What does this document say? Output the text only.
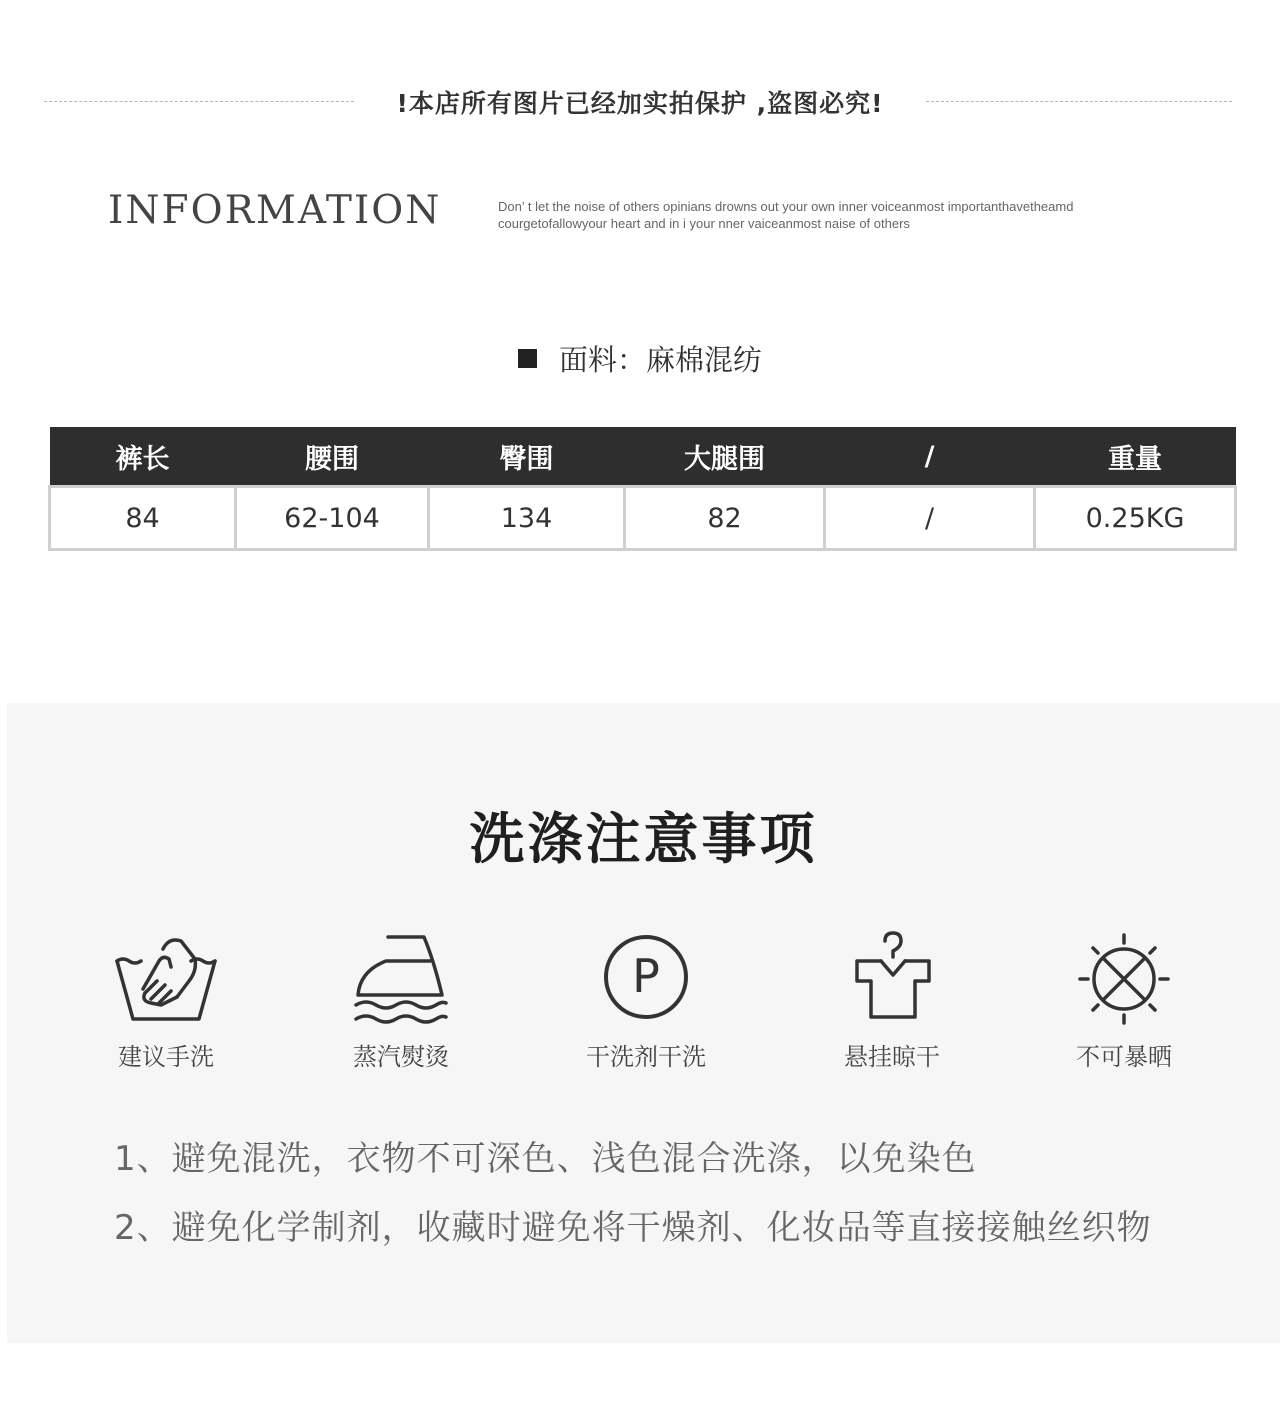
!本店所有图片已经加实拍保护 ,盗图必究!
INFORMATION	Don’ t let the noise of others opinians drowns out your own inner voiceanmost importanthavetheamd
courgetofallowyour heart and in i your nner vaiceanmost naise of others
面料：麻棉混纺
裤长	腰围	臀围	大腿围	/	重量
84	62-104	134	82	/	0.25KG
洗涤注意事项
建议手洗	蒸汽熨烫
P
干洗剂干洗	悬挂晾干	不可暴晒
1、避免混洗，衣物不可深色、浅色混合洗涤，以免染色
2、避免化学制剂，收藏时避免将干燥剂、化妆品等直接接触丝织物
